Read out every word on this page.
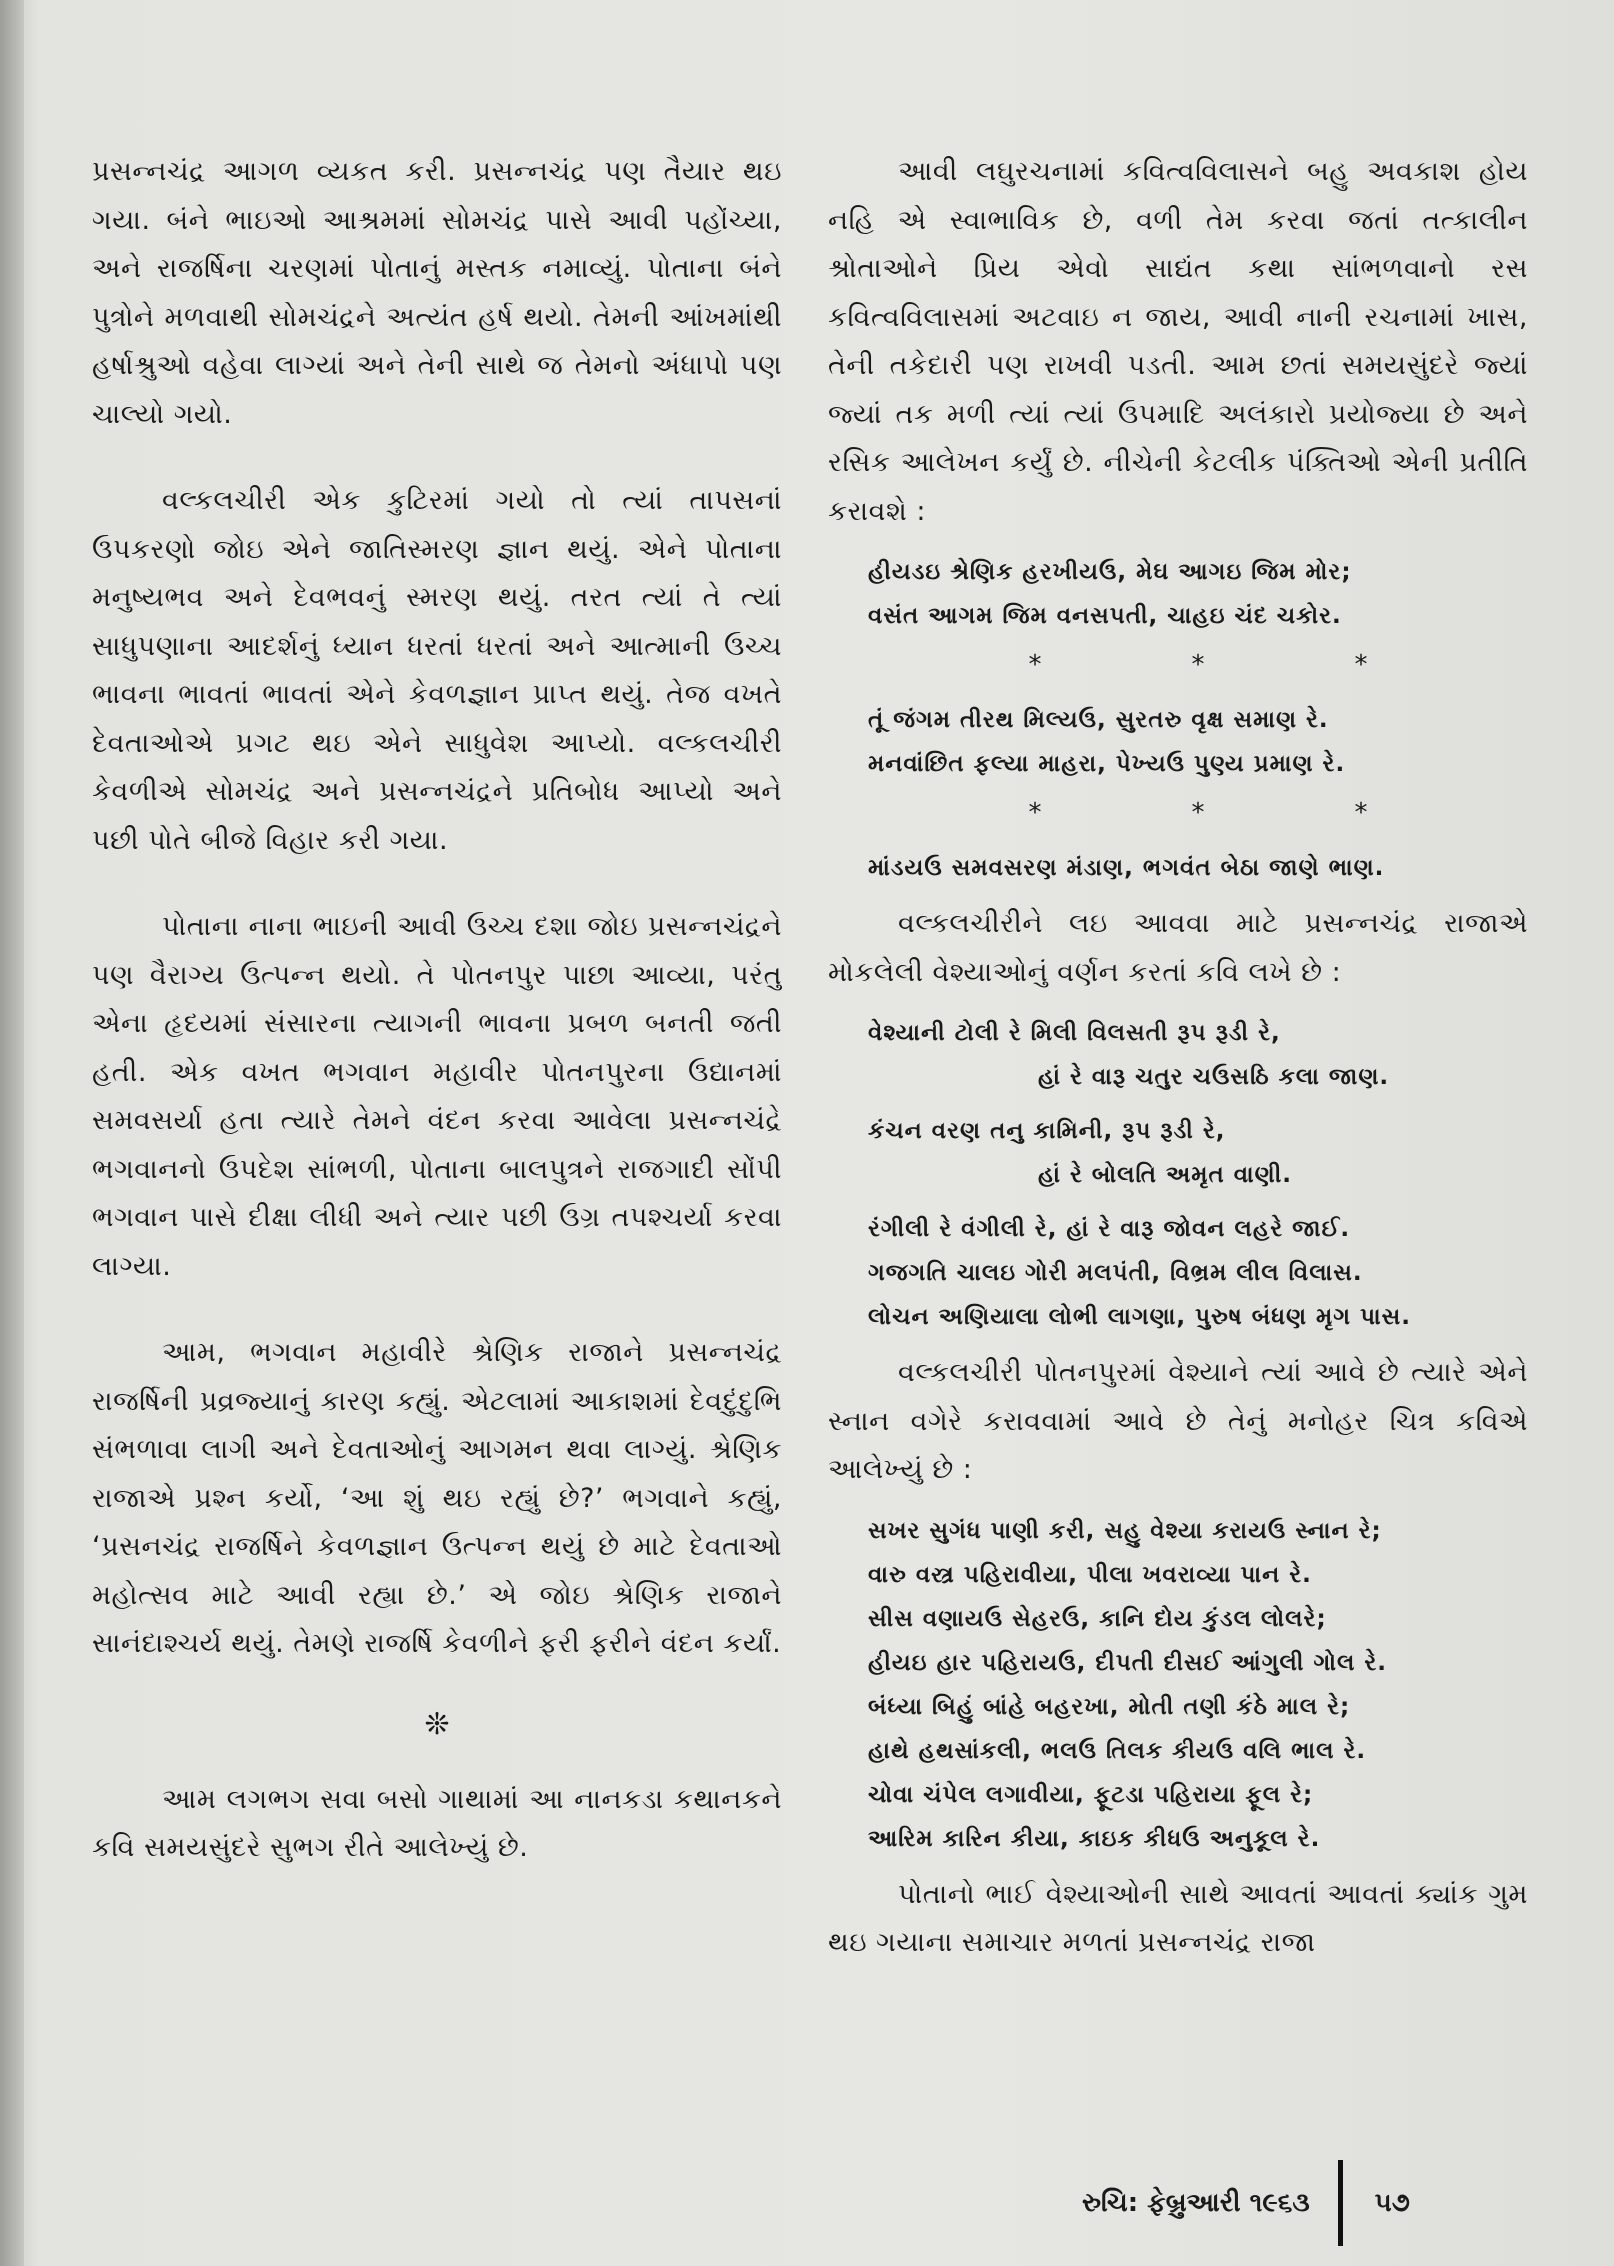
પ્રસન્નચંદ્ર આગળ વ્યકત કરી. પ્રસન્નચંદ્ર પણ તૈયાર થઇ ગયા. બંને ભાઇઓ આશ્રમમાં સોમચંદ્ર પાસે આવી પહોંચ્યા, અને રાજર્ષિના ચરણમાં પોતાનું મસ્તક નમાવ્યું. પોતાના બંને પુત્રોને મળવાથી સોમચંદ્રને અત્યંત હર્ષ થયો. તેમની આંખમાંથી હર્ષાશ્રુઓ વહેવા લાગ્યાં અને તેની સાથે જ તેમનો અંધાપો પણ ચાલ્યો ગયો.

વલ્કલચીરી એક કુટિરમાં ગયો તો ત્યાં તાપસનાં ઉપકરણો જોઇ એને જાતિસ્મરણ જ્ઞાન થયું. એને પોતાના મનુષ્યભવ અને દેવભવનું સ્મરણ થયું. તરત ત્યાં તે ત્યાં સાધુપણાના આદર્શનું ધ્યાન ધરતાં ધરતાં અને આત્માની ઉચ્ચ ભાવના ભાવતાં ભાવતાં એને કેવળજ્ઞાન પ્રાપ્ત થયું. તેજ વખતે દેવતાઓએ પ્રગટ થઇ એને સાધુવેશ આપ્યો. વલ્કલચીરી કેવળીએ સોમચંદ્ર અને પ્રસન્નચંદ્રને પ્રતિબોધ આપ્યો અને પછી પોતે બીજે વિહાર કરી ગયા.

પોતાના નાના ભાઇની આવી ઉચ્ચ દશા જોઇ પ્રસન્નચંદ્રને પણ વૈરાગ્ય ઉત્પન્ન થયો. તે પોતનપુર પાછા આવ્યા, પરંતુ એના હૃદયમાં સંસારના ત્યાગની ભાવના પ્રબળ બનતી જતી હતી. એક વખત ભગવાન મહાવીર પોતનપુરના ઉદ્યાનમાં સમવસર્યા હતા ત્યારે તેમને વંદન કરવા આવેલા પ્રસન્નચંદ્રે ભગવાનનો ઉપદેશ સાંભળી, પોતાના બાલપુત્રને રાજગાદી સોંપી ભગવાન પાસે દીક્ષા લીધી અને ત્યાર પછી ઉગ્ર તપશ્ચર્યા કરવા લાગ્યા.

આમ, ભગવાન મહાવીરે શ્રેણિક રાજાને પ્રસન્નચંદ્ર રાજર્ષિની પ્રવ્રજ્યાનું કારણ કહ્યું. એટલામાં આકાશમાં દેવદુંદુભિ સંભળાવા લાગી અને દેવતાઓનું આગમન થવા લાગ્યું. શ્રેણિક રાજાએ પ્રશ્ન કર્યો, ‘આ શું થઇ રહ્યું છે?’ ભગવાને કહ્યું, ‘પ્રસનચંદ્ર રાજર્ષિને કેવળજ્ઞાન ઉત્પન્ન થયું છે માટે દેવતાઓ મહોત્સવ માટે આવી રહ્યા છે.’ એ જોઇ શ્રેણિક રાજાને સાનંદાશ્ચર્ય થયું. તેમણે રાજર્ષિ કેવળીને ફરી ફરીને વંદન કર્યાં.

❊

આમ લગભગ સવા બસો ગાથામાં આ નાનકડા કથાનકને કવિ સમયસુંદરે સુભગ રીતે આલેખ્યું છે.

આવી લઘુરચનામાં કવિત્વવિલાસને બહુ અવકાશ હોય નહિ એ સ્વાભાવિક છે, વળી તેમ કરવા જતાં તત્કાલીન શ્રોતાઓને પ્રિય એવો સાદ્યંત કથા સાંભળવાનો રસ કવિત્વવિલાસમાં અટવાઇ ન જાય, આવી નાની રચનામાં ખાસ, તેની તકેદારી પણ રાખવી પડતી. આમ છતાં સમયસુંદરે જ્યાં જ્યાં તક મળી ત્યાં ત્યાં ઉપમાદિ અલંકારો પ્રયોજ્યા છે અને રસિક આલેખન કર્યું છે. નીચેની કેટલીક પંક્તિઓ એની પ્રતીતિ કરાવશે :

હીયડઇ શ્રેણિક હરખીયઉ, મેઘ આગઇ જિમ મોર;
વસંત આગમ જિમ વનસપતી, ચાહઇ ચંદ ચકોર.
*	*	*
તૂં જંગમ તીરથ મિલ્યઉ, સુરતરુ વૃક્ષ સમાણ રે.
મનવાંછિત ફલ્યા માહરા, પેખ્યઉ પુણ્ય પ્રમાણ રે.
*	*	*
માંડયઉ સમવસરણ મંડાણ, ભગવંત બેઠા જાણે ભાણ.

વલ્કલચીરીને લઇ આવવા માટે પ્રસન્નચંદ્ર રાજાએ મોકલેલી વેશ્યાઓનું વર્ણન કરતાં કવિ લખે છે :

વેશ્યાની ટોલી રે મિલી વિલસતી રૂપ રૂડી રે,
હાં રે વારૂ ચતુર ચઉસઠિ કલા જાણ.
કંચન વરણ તનુ કામિની, રૂપ રૂડી રે,
હાં રે બોલતિ અમૃત વાણી.
રંગીલી રે વંગીલી રે, હાં રે વારૂ જોવન લહરે જાઈ.
ગજગતિ ચાલઇ ગોરી મલપંતી, વિભ્રમ લીલ વિલાસ.
લોચન અણિયાલા લોભી લાગણા, પુરુષ બંધણ મૃગ પાસ.

વલ્કલચીરી પોતનપુરમાં વેશ્યાને ત્યાં આવે છે ત્યારે એને સ્નાન વગેરે કરાવવામાં આવે છે તેનું મનોહર ચિત્ર કવિએ આલેખ્યું છે :

સખર સુગંધ પાણી કરી, સહુ વેશ્યા કરાયઉ સ્નાન રે;
વારુ વસ્ત્ર પહિરાવીયા, પીલા ખવરાવ્યા પાન રે.
સીસ વણાયઉ સેહરઉ, કાનિ દોય કુંડલ લોલરે;
હીયઇ હાર પહિરાયઉ, દીપતી દીસઈ આંગુલી ગોલ રે.
બંધ્યા બિહું બાંહે બહરખા, મોતી તણી કંઠે માલ રે;
હાથે હથસાંકલી, ભલઉ તિલક કીયઉ વલિ ભાલ રે.
ચોવા ચંપેલ લગાવીયા, ફૂટડા પહિરાયા ફૂલ રે;
આરિમ કારિન કીયા, કાઇક કીધઉ અનુકૂલ રે.

પોતાનો ભાઈ વેશ્યાઓની સાથે આવતાં આવતાં ક્યાંક ગુમ થઇ ગયાના સમાચાર મળતાં પ્રસન્નચંદ્ર રાજા

રુચિ: ફેબ્રુઆરી ૧૯૬૩	૫૭
